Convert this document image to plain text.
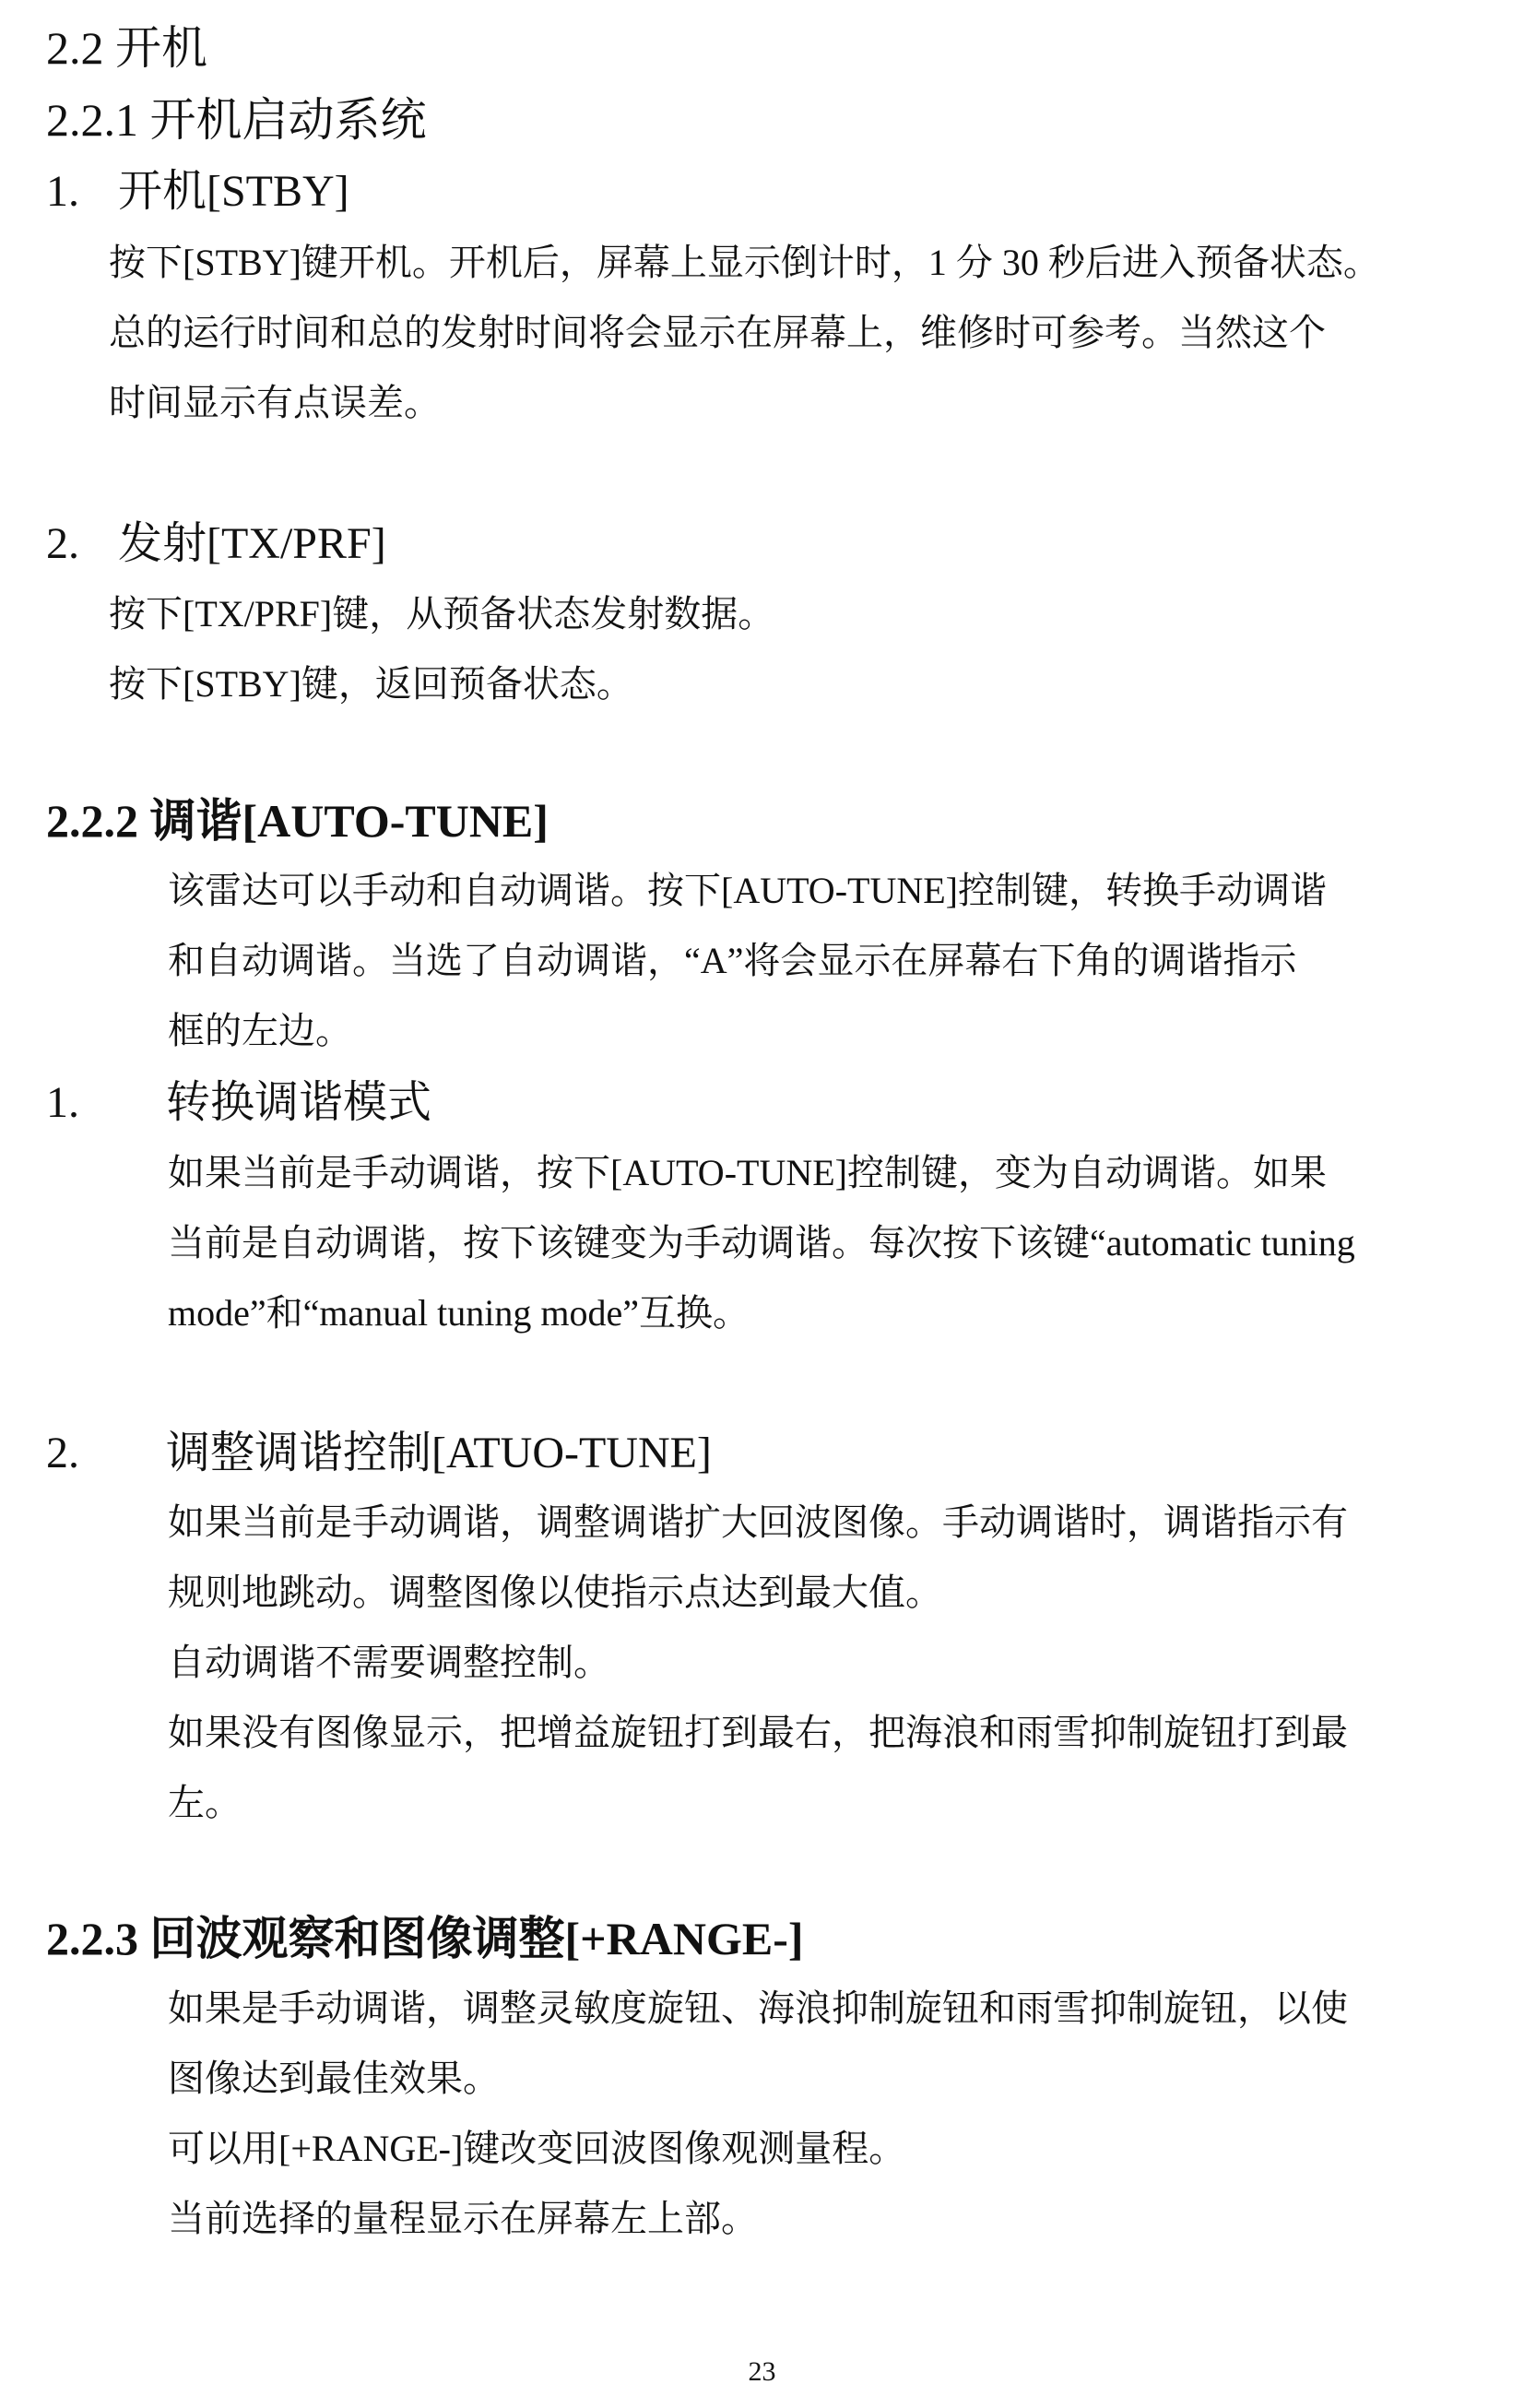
2.2 开机

2.2.1 开机启动系统

1. 开机[STBY]

按下[STBY]键开机。开机后，屏幕上显示倒计时，1 分 30 秒后进入预备状态。

总的运行时间和总的发射时间将会显示在屏幕上，维修时可参考。当然这个

时间显示有点误差。

2. 发射[TX/PRF]

按下[TX/PRF]键，从预备状态发射数据。

按下[STBY]键，返回预备状态。

2.2.2 调谐[AUTO-TUNE]

该雷达可以手动和自动调谐。按下[AUTO-TUNE]控制键，转换手动调谐

和自动调谐。当选了自动调谐，“A”将会显示在屏幕右下角的调谐指示

框的左边。

1. 转换调谐模式

如果当前是手动调谐，按下[AUTO-TUNE]控制键，变为自动调谐。如果

当前是自动调谐，按下该键变为手动调谐。每次按下该键“automatic tuning

mode”和“manual tuning mode”互换。

2. 调整调谐控制[ATUO-TUNE]

如果当前是手动调谐，调整调谐扩大回波图像。手动调谐时，调谐指示有

规则地跳动。调整图像以使指示点达到最大值。

自动调谐不需要调整控制。

如果没有图像显示，把增益旋钮打到最右，把海浪和雨雪抑制旋钮打到最

左。

2.2.3 回波观察和图像调整[+RANGE-]

如果是手动调谐，调整灵敏度旋钮、海浪抑制旋钮和雨雪抑制旋钮，以使

图像达到最佳效果。

可以用[+RANGE-]键改变回波图像观测量程。

当前选择的量程显示在屏幕左上部。

23
